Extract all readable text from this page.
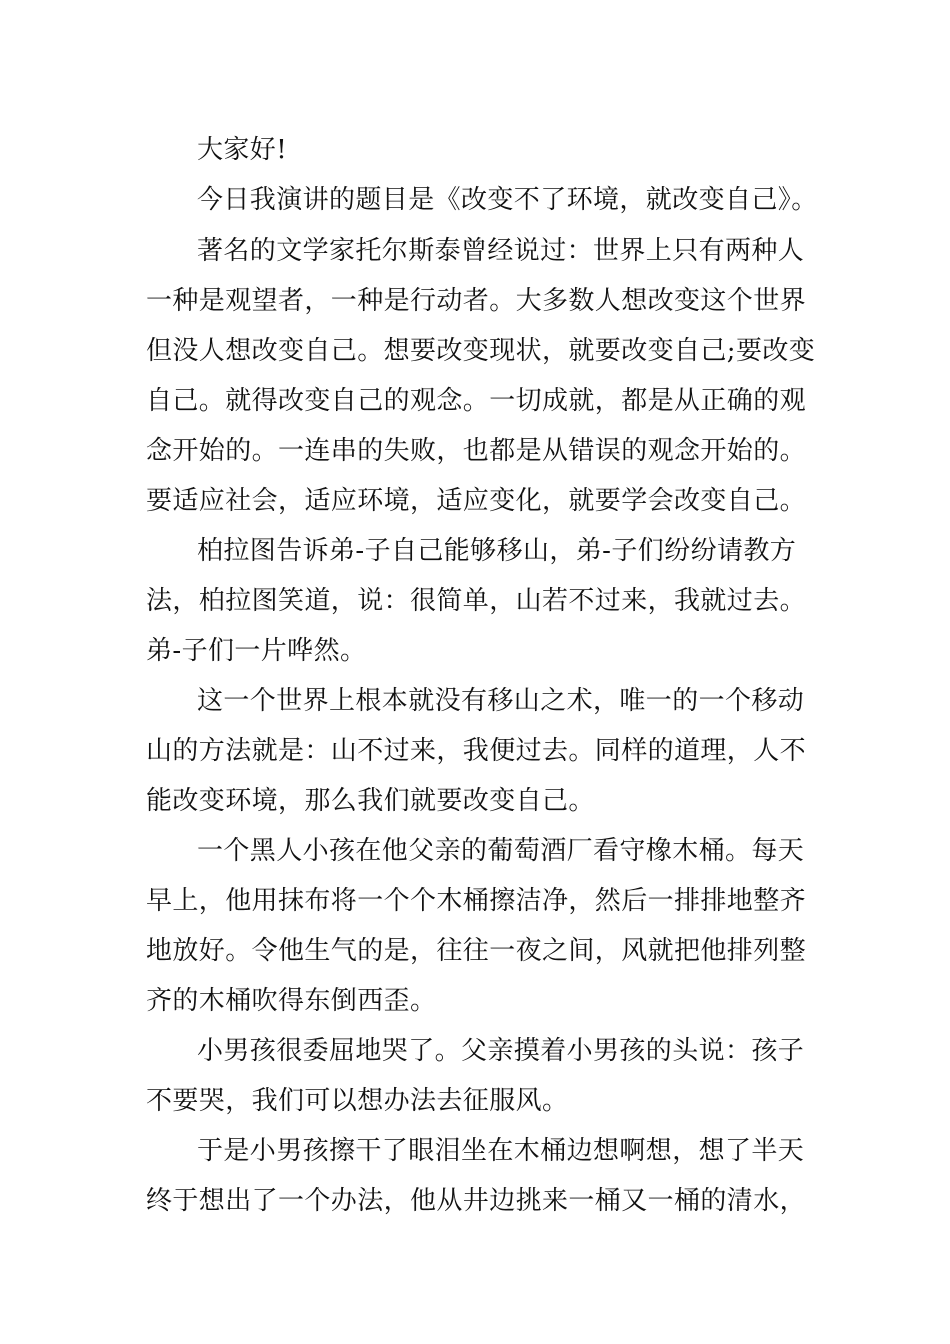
大家好!
今日我演讲的题目是《改变不了环境，就改变自己》。
著名的文学家托尔斯泰曾经说过：世界上只有两种人
一种是观望者，一种是行动者。大多数人想改变这个世界
但没人想改变自己。想要改变现状，就要改变自己;要改变
自己。就得改变自己的观念。一切成就，都是从正确的观
念开始的。一连串的失败，也都是从错误的观念开始的。
要适应社会，适应环境，适应变化，就要学会改变自己。
柏拉图告诉弟-子自己能够移山，弟-子们纷纷请教方
法，柏拉图笑道，说：很简单，山若不过来，我就过去。
弟-子们一片哗然。
这一个世界上根本就没有移山之术，唯一的一个移动
山的方法就是：山不过来，我便过去。同样的道理，人不
能改变环境，那么我们就要改变自己。
一个黑人小孩在他父亲的葡萄酒厂看守橡木桶。每天
早上，他用抹布将一个个木桶擦洁净，然后一排排地整齐
地放好。令他生气的是，往往一夜之间，风就把他排列整
齐的木桶吹得东倒西歪。
小男孩很委屈地哭了。父亲摸着小男孩的头说：孩子
不要哭，我们可以想办法去征服风。
于是小男孩擦干了眼泪坐在木桶边想啊想，想了半天
终于想出了一个办法，他从井边挑来一桶又一桶的清水，
